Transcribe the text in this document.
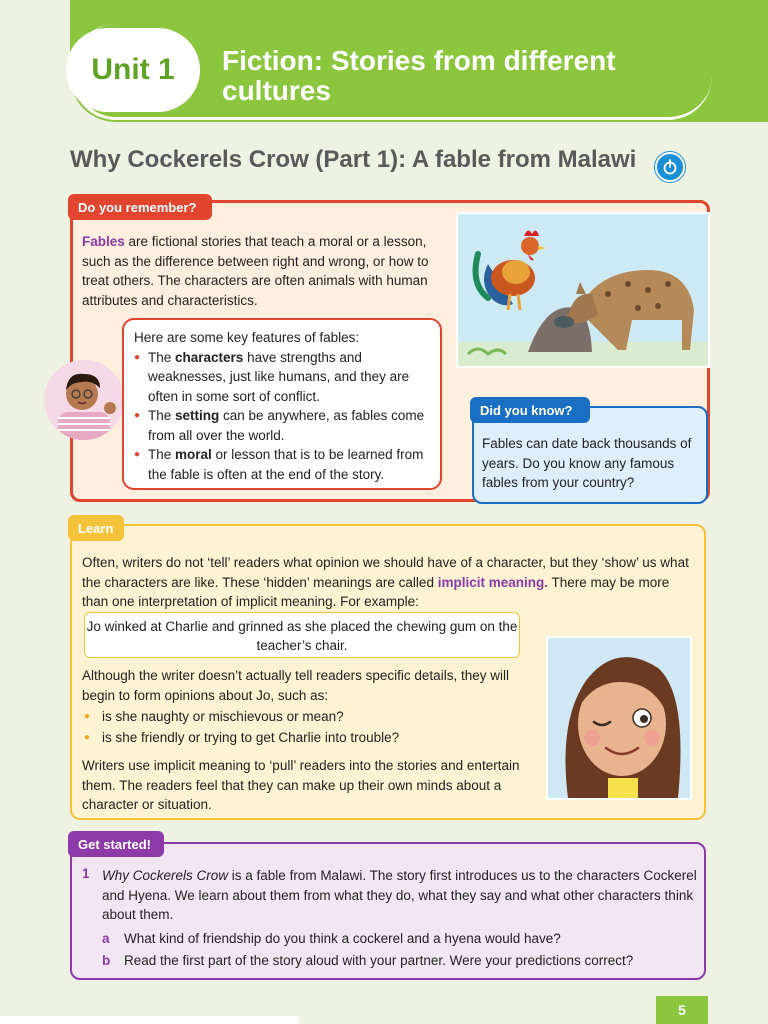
Unit 1	Fiction: Stories from different cultures
Why Cockerels Crow (Part 1): A fable from Malawi
Do you remember?
Fables are fictional stories that teach a moral or a lesson, such as the difference between right and wrong, or how to treat others. The characters are often animals with human attributes and characteristics.
Here are some key features of fables:
● The characters have strengths and weaknesses, just like humans, and they are often in some sort of conflict.
● The setting can be anywhere, as fables come from all over the world.
● The moral or lesson that is to be learned from the fable is often at the end of the story.
Did you know?
Fables can date back thousands of years. Do you know any famous fables from your country?
Learn
Often, writers do not ‘tell’ readers what opinion we should have of a character, but they ‘show’ us what the characters are like. These ‘hidden’ meanings are called implicit meaning. There may be more than one interpretation of implicit meaning. For example:
Jo winked at Charlie and grinned as she placed the chewing gum on the teacher’s chair.
Although the writer doesn’t actually tell readers specific details, they will begin to form opinions about Jo, such as:
● is she naughty or mischievous or mean?
● is she friendly or trying to get Charlie into trouble?
Writers use implicit meaning to ‘pull’ readers into the stories and entertain them. The readers feel that they can make up their own minds about a character or situation.
Get started!
1 Why Cockerels Crow is a fable from Malawi. The story first introduces us to the characters Cockerel and Hyena. We learn about them from what they do, what they say and what other characters think about them.
a What kind of friendship do you think a cockerel and a hyena would have?
b Read the first part of the story aloud with your partner. Were your predictions correct?
5
